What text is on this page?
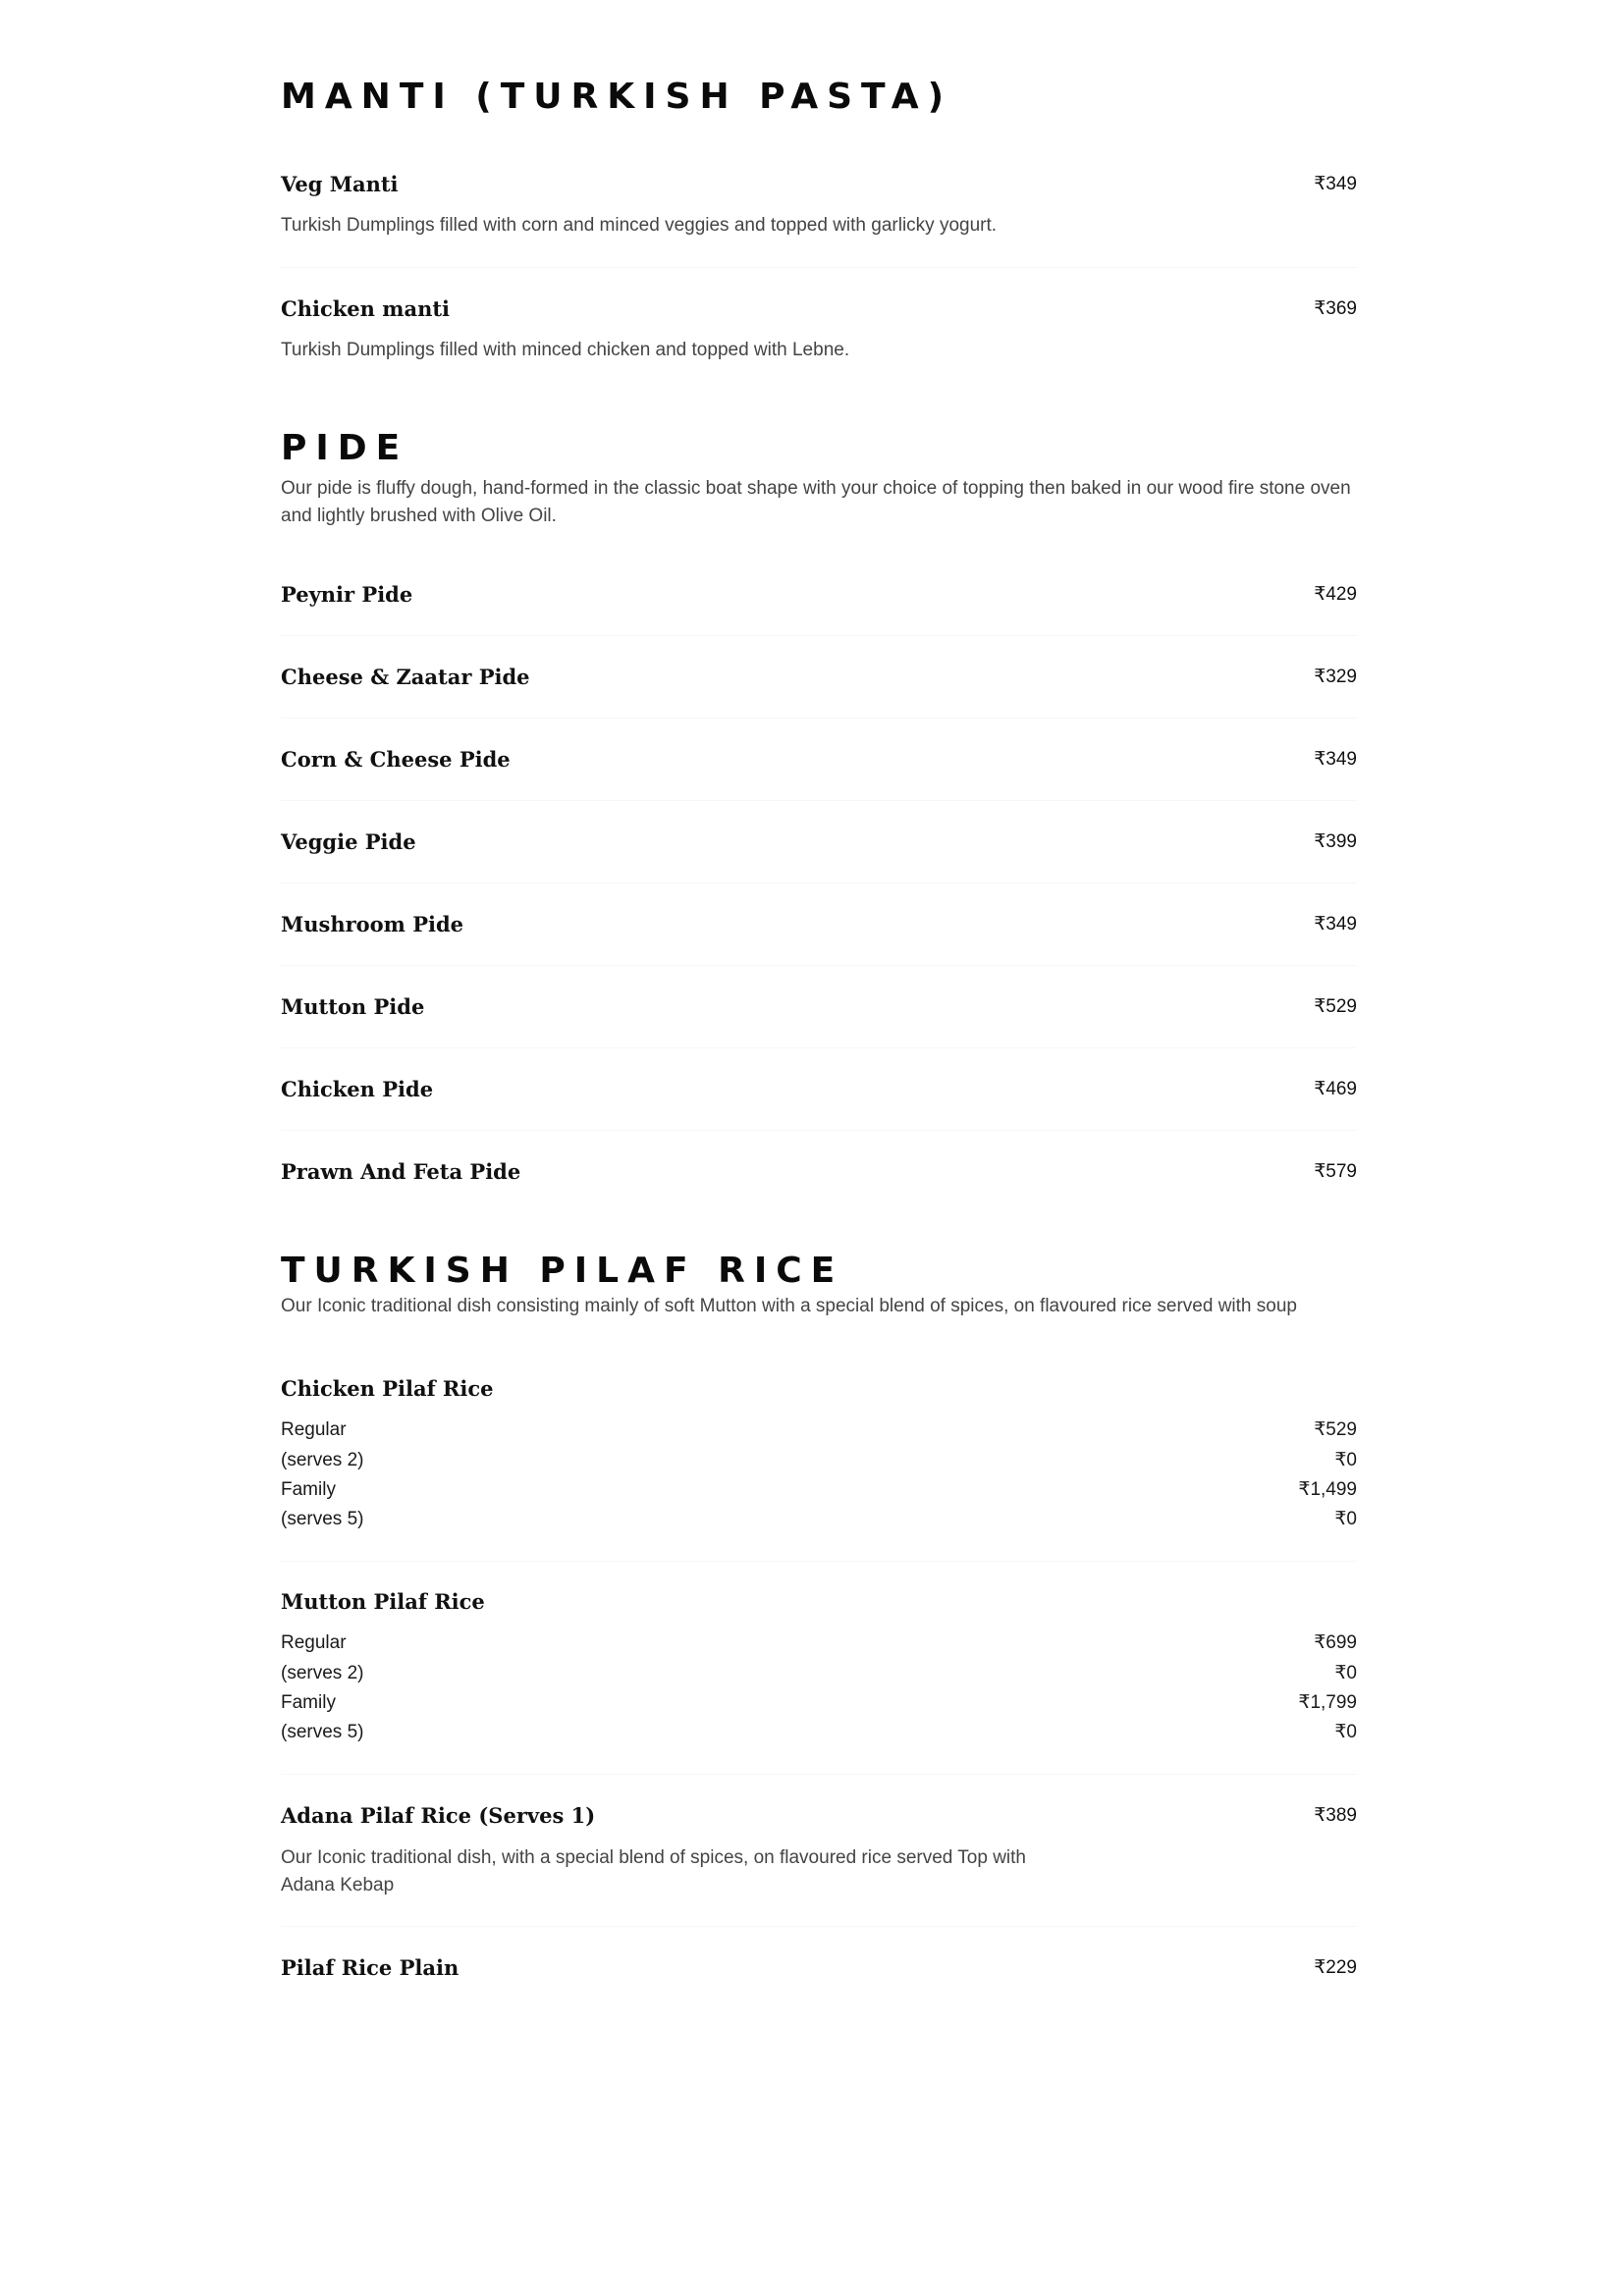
MANTI (TURKISH PASTA)
Veg Manti	₹349
Turkish Dumplings filled with corn and minced veggies and topped with garlicky yogurt.
Chicken manti	₹369
Turkish Dumplings filled with minced chicken and topped with Lebne.
PIDE
Our pide is fluffy dough, hand-formed in the classic boat shape with your choice of topping then baked in our wood fire stone oven and lightly brushed with Olive Oil.
Peynir Pide	₹429
Cheese & Zaatar Pide	₹329
Corn & Cheese Pide	₹349
Veggie Pide	₹399
Mushroom Pide	₹349
Mutton Pide	₹529
Chicken Pide	₹469
Prawn And Feta Pide	₹579
TURKISH PILAF RICE
Our Iconic traditional dish consisting mainly of soft Mutton with a special blend of spices, on flavoured rice served with soup
Chicken Pilaf Rice
Regular	₹529
(serves 2)	₹0
Family	₹1,499
(serves 5)	₹0
Mutton Pilaf Rice
Regular	₹699
(serves 2)	₹0
Family	₹1,799
(serves 5)	₹0
Adana Pilaf Rice (Serves 1)	₹389
Our Iconic traditional dish, with a special blend of spices, on flavoured rice served Top with Adana Kebap
Pilaf Rice Plain	₹229
